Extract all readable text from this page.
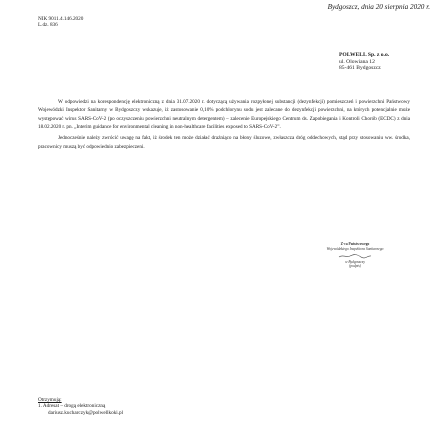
Bydgoszcz, dnia 20 sierpnia 2020 r.
NIK 9011.4.146.2020
L.dz. 836
POLWELL Sp. z o.o.
ul. Olowiana 12
85-461 Bydgoszcz

W odpowiedzi na korespondencję elektroniczną z dnia 31.07.2020 r. dotyczącą używania rozpyłonej substancji (dezynfekcji) pomieszczeń i powierzchni Państwowy Wojewódzki Inspektor Sanitarny w Bydgoszczy wskazuje, iż zastosowanie 0,10% podchlorynu sodu jest zalecane do dezynfekcji powierzchni, na których potencjalnie może występować wirus SARS-CoV-2 (po oczyszczeniu powierzchni neutralnym detergentem) – zalecenie Europejskiego Centrum ds. Zapobiegania i Kontroli Chorób (ECDC) z dnia 18.02.2020 r. pn. „Interim guidance for environmental cleaning in non-healthcare facilities exposed to SARS-CoV-2”.

Jednocześnie należy zwrócić uwagę na fakt, iż środek ten może działać drażniąco na błony śluzowe, zwłaszcza dróg oddechowych, stąd przy stosowaniu ww. środka, pracownicy muszą być odpowiednio zabezpieczeni.

Z-ca Państwowego
Wojewódzkiego Inspektora Sanitarnego
w Bydgoszczy
(podpis)
Otrzymują:
1. Adresat – drogą elektroniczną
dariusz.kucharczyk@polwellkoki.pl
